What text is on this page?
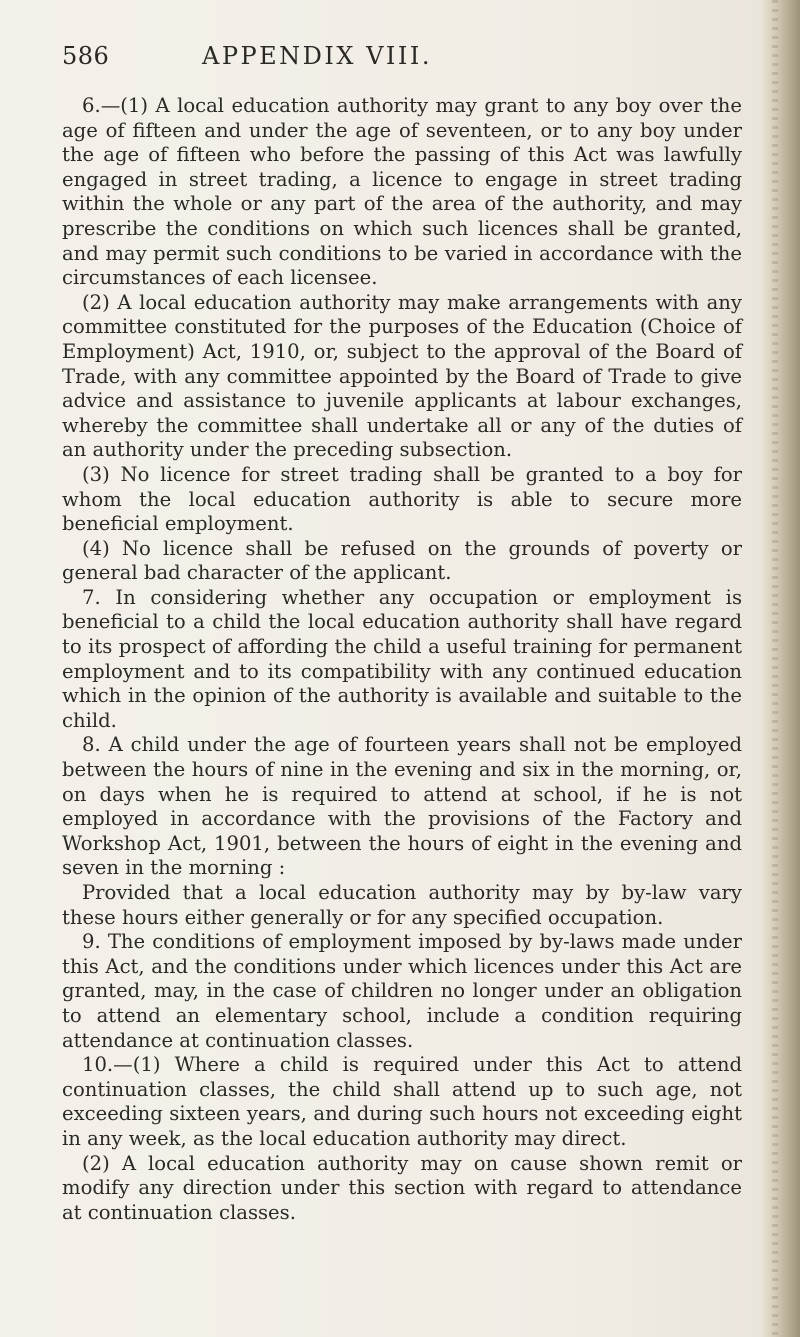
586	APPENDIX VIII.

6.—(1) A local education authority may grant to any boy over the age of fifteen and under the age of seventeen, or to any boy under the age of fifteen who before the passing of this Act was lawfully engaged in street trading, a licence to engage in street trading within the whole or any part of the area of the authority, and may prescribe the conditions on which such licences shall be granted, and may permit such conditions to be varied in accordance with the circumstances of each licensee.

(2) A local education authority may make arrangements with any committee constituted for the purposes of the Education (Choice of Employment) Act, 1910, or, subject to the approval of the Board of Trade, with any committee appointed by the Board of Trade to give advice and assistance to juvenile applicants at labour exchanges, whereby the committee shall undertake all or any of the duties of an authority under the preceding subsection.

(3) No licence for street trading shall be granted to a boy for whom the local education authority is able to secure more beneficial employment.

(4) No licence shall be refused on the grounds of poverty or general bad character of the applicant.

7. In considering whether any occupation or employment is beneficial to a child the local education authority shall have regard to its prospect of affording the child a useful training for permanent employment and to its compatibility with any continued education which in the opinion of the authority is available and suitable to the child.

8. A child under the age of fourteen years shall not be employed between the hours of nine in the evening and six in the morning, or, on days when he is required to attend at school, if he is not employed in accordance with the provisions of the Factory and Workshop Act, 1901, between the hours of eight in the evening and seven in the morning :

Provided that a local education authority may by by-law vary these hours either generally or for any specified occupation.

9. The conditions of employment imposed by by-laws made under this Act, and the conditions under which licences under this Act are granted, may, in the case of children no longer under an obligation to attend an elementary school, include a condition requiring attendance at continuation classes.

10.—(1) Where a child is required under this Act to attend continuation classes, the child shall attend up to such age, not exceeding sixteen years, and during such hours not exceeding eight in any week, as the local education authority may direct.

(2) A local education authority may on cause shown remit or modify any direction under this section with regard to attendance at continuation classes.
